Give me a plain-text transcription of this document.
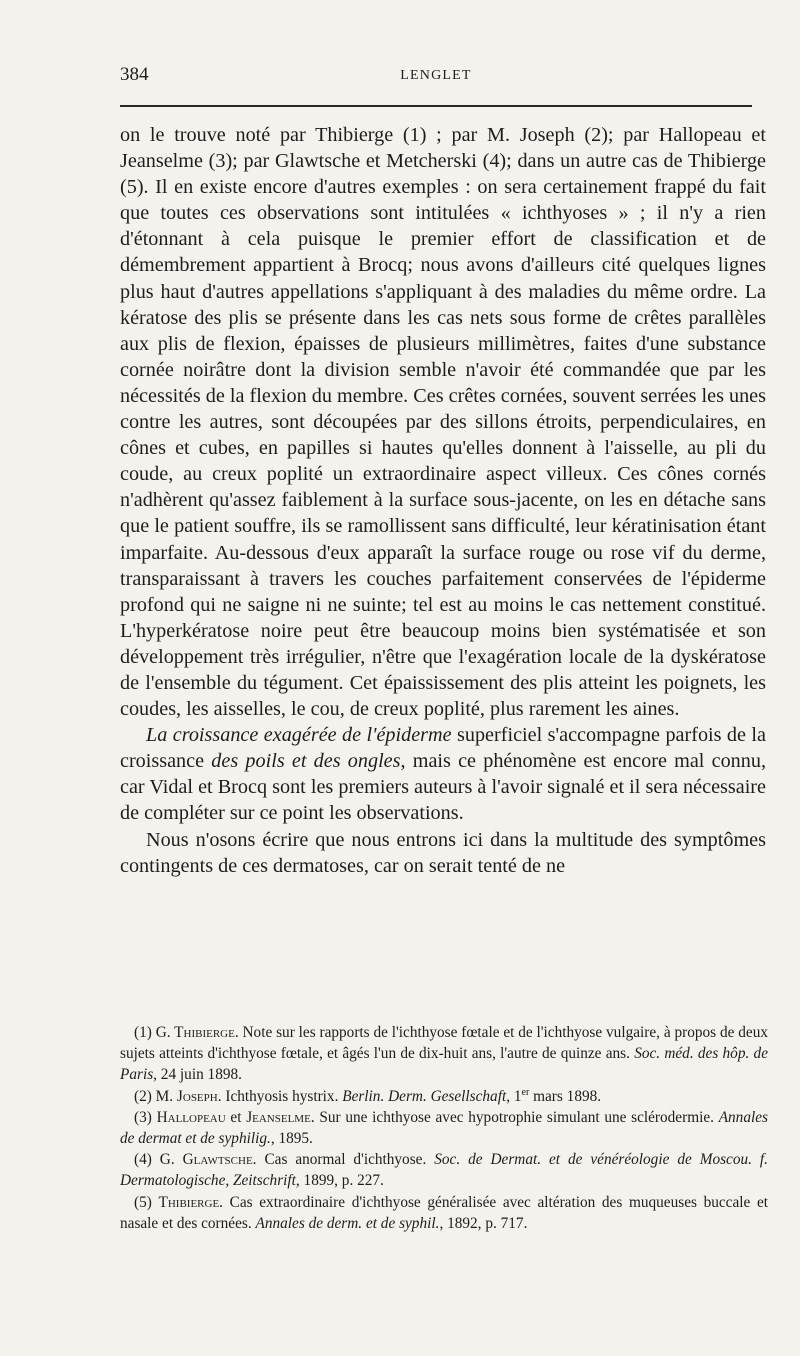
384	LENGLET

on le trouve noté par Thibierge (1) ; par M. Joseph (2); par Hallopeau et Jeanselme (3); par Glawtsche et Metcherski (4); dans un autre cas de Thibierge (5). Il en existe encore d'autres exemples : on sera certainement frappé du fait que toutes ces observations sont intitulées « ichthyoses » ; il n'y a rien d'étonnant à cela puisque le premier effort de classification et de démembrement appartient à Brocq; nous avons d'ailleurs cité quelques lignes plus haut d'autres appellations s'appliquant à des maladies du même ordre. La kératose des plis se présente dans les cas nets sous forme de crêtes parallèles aux plis de flexion, épaisses de plusieurs millimètres, faites d'une substance cornée noirâtre dont la division semble n'avoir été commandée que par les nécessités de la flexion du membre. Ces crêtes cornées, souvent serrées les unes contre les autres, sont découpées par des sillons étroits, perpendiculaires, en cônes et cubes, en papilles si hautes qu'elles donnent à l'aisselle, au pli du coude, au creux poplité un extraordinaire aspect villeux. Ces cônes cornés n'adhèrent qu'assez faiblement à la surface sous-jacente, on les en détache sans que le patient souffre, ils se ramollissent sans difficulté, leur kératinisation étant imparfaite. Au-dessous d'eux apparaît la surface rouge ou rose vif du derme, transparaissant à travers les couches parfaitement conservées de l'épiderme profond qui ne saigne ni ne suinte; tel est au moins le cas nettement constitué. L'hyperkératose noire peut être beaucoup moins bien systématisée et son développement très irrégulier, n'être que l'exagération locale de la dyskératose de l'ensemble du tégument. Cet épaississement des plis atteint les poignets, les coudes, les aisselles, le cou, de creux poplité, plus rarement les aines.

La croissance exagérée de l'épiderme superficiel s'accompagne parfois de la croissance des poils et des ongles, mais ce phénomène est encore mal connu, car Vidal et Brocq sont les premiers auteurs à l'avoir signalé et il sera nécessaire de compléter sur ce point les observations.

Nous n'osons écrire que nous entrons ici dans la multitude des symptômes contingents de ces dermatoses, car on serait tenté de ne

(1) G. Thibierge. Note sur les rapports de l'ichthyose fœtale et de l'ichthyose vulgaire, à propos de deux sujets atteints d'ichthyose fœtale, et âgés l'un de dix-huit ans, l'autre de quinze ans. Soc. méd. des hôp. de Paris, 24 juin 1898.

(2) M. Joseph. Ichthyosis hystrix. Berlin. Derm. Gesellschaft, 1er mars 1898.

(3) Hallopeau et Jeanselme. Sur une ichthyose avec hypotrophie simulant une sclérodermie. Annales de dermat et de syphilig., 1895.

(4) G. Glawtsche. Cas anormal d'ichthyose. Soc. de Dermat. et de vénéréologie de Moscou. f. Dermatologische, Zeitschrift, 1899, p. 227.

(5) Thibierge. Cas extraordinaire d'ichthyose généralisée avec altération des muqueuses buccale et nasale et des cornées. Annales de derm. et de syphil., 1892, p. 717.
